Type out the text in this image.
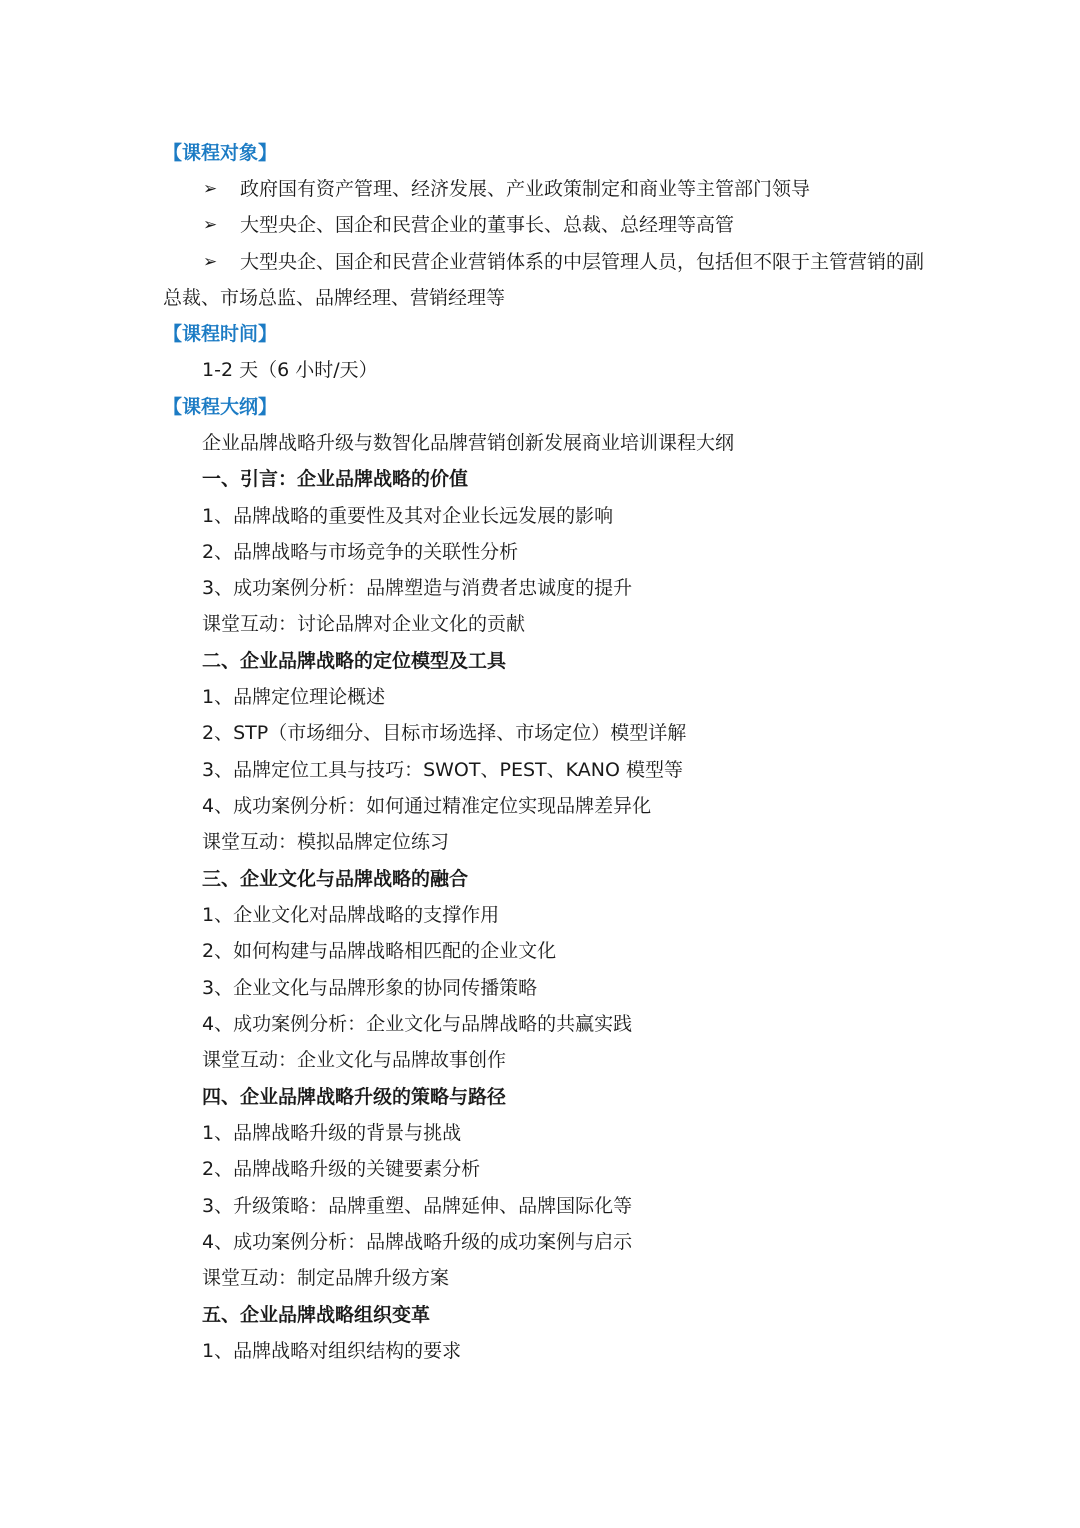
【课程对象】
➢ 政府国有资产管理、经济发展、产业政策制定和商业等主管部门领导
➢ 大型央企、国企和民营企业的董事长、总裁、总经理等高管
➢ 大型央企、国企和民营企业营销体系的中层管理人员，包括但不限于主管营销的副
总裁、市场总监、品牌经理、营销经理等
【课程时间】
1-2 天（6 小时/天）
【课程大纲】
企业品牌战略升级与数智化品牌营销创新发展商业培训课程大纲
一、引言：企业品牌战略的价值
1、品牌战略的重要性及其对企业长远发展的影响
2、品牌战略与市场竞争的关联性分析
3、成功案例分析：品牌塑造与消费者忠诚度的提升
课堂互动：讨论品牌对企业文化的贡献
二、企业品牌战略的定位模型及工具
1、品牌定位理论概述
2、STP（市场细分、目标市场选择、市场定位）模型详解
3、品牌定位工具与技巧：SWOT、PEST、KANO 模型等
4、成功案例分析：如何通过精准定位实现品牌差异化
课堂互动：模拟品牌定位练习
三、企业文化与品牌战略的融合
1、企业文化对品牌战略的支撑作用
2、如何构建与品牌战略相匹配的企业文化
3、企业文化与品牌形象的协同传播策略
4、成功案例分析：企业文化与品牌战略的共赢实践
课堂互动：企业文化与品牌故事创作
四、企业品牌战略升级的策略与路径
1、品牌战略升级的背景与挑战
2、品牌战略升级的关键要素分析
3、升级策略：品牌重塑、品牌延伸、品牌国际化等
4、成功案例分析：品牌战略升级的成功案例与启示
课堂互动：制定品牌升级方案
五、企业品牌战略组织变革
1、品牌战略对组织结构的要求
